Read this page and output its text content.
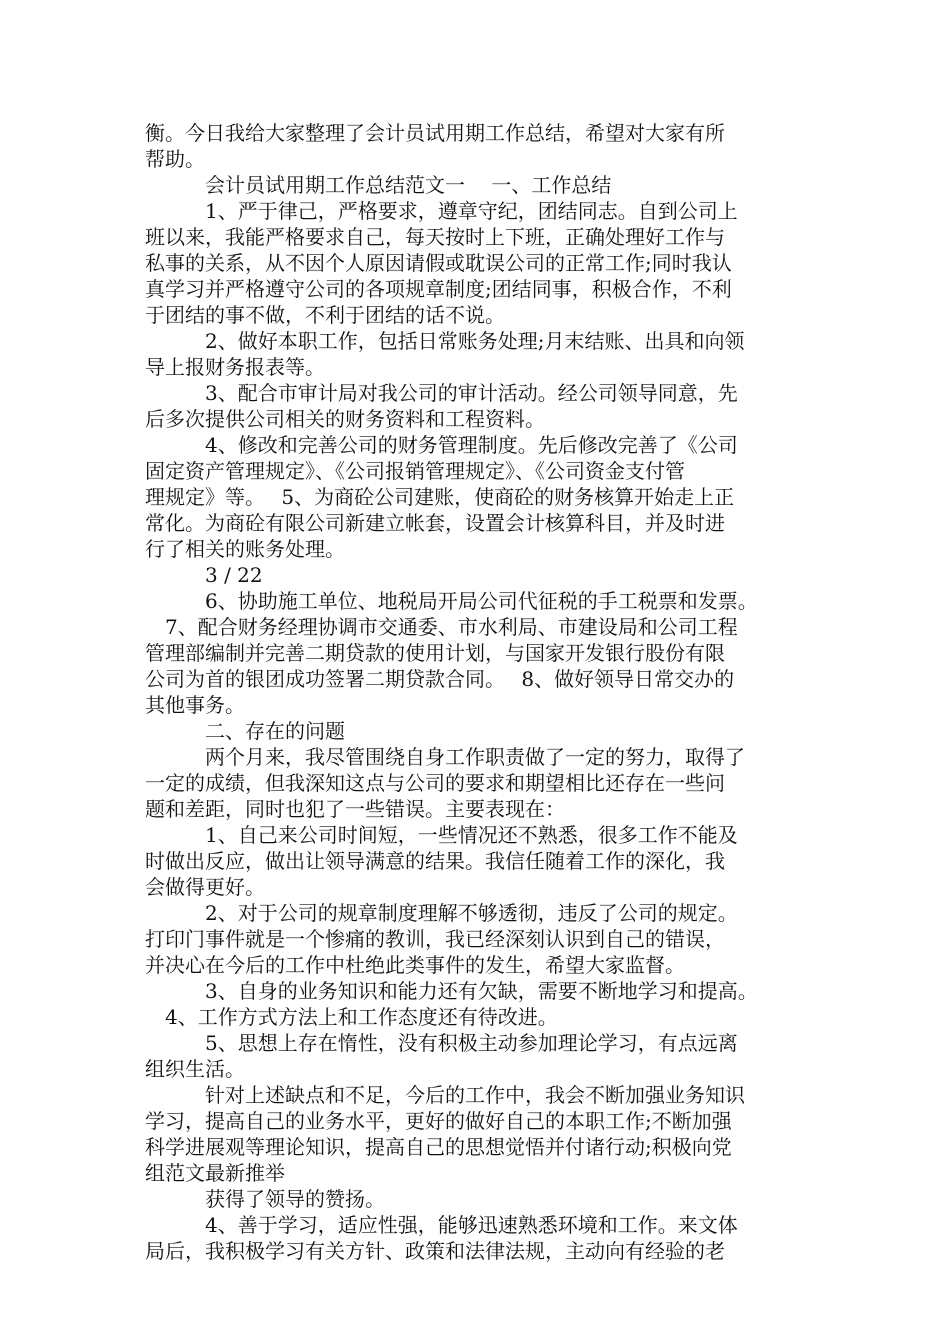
衡。今日我给大家整理了会计员试用期工作总结，希望对大家有所

帮助。

　　　会计员试用期工作总结范文一　 一、工作总结

　　　1、严于律己，严格要求，遵章守纪，团结同志。自到公司上

班以来，我能严格要求自己，每天按时上下班，正确处理好工作与

私事的关系，从不因个人原因请假或耽误公司的正常工作;同时我认

真学习并严格遵守公司的各项规章制度;团结同事，积极合作，不利

于团结的事不做，不利于团结的话不说。

　　　2、做好本职工作，包括日常账务处理;月末结账、出具和向领

导上报财务报表等。

　　　3、配合市审计局对我公司的审计活动。经公司领导同意，先

后多次提供公司相关的财务资料和工程资料。

　　　4、修改和完善公司的财务管理制度。先后修改完善了《公司

固定资产管理规定》、《公司报销管理规定》、《公司资金支付管

理规定》等。　 5、为商砼公司建账，使商砼的财务核算开始走上正

常化。为商砼有限公司新建立帐套，设置会计核算科目，并及时进

行了相关的账务处理。

　　　3 / 22

　　　6、协助施工单位、地税局开局公司代征税的手工税票和发票。

　7、配合财务经理协调市交通委、市水利局、市建设局和公司工程

管理部编制并完善二期贷款的使用计划，与国家开发银行股份有限

公司为首的银团成功签署二期贷款合同。　 8、做好领导日常交办的

其他事务。

　　　二、存在的问题

　　　两个月来，我尽管围绕自身工作职责做了一定的努力，取得了

一定的成绩，但我深知这点与公司的要求和期望相比还存在一些问

题和差距，同时也犯了一些错误。主要表现在：

　　　1、自己来公司时间短，一些情况还不熟悉，很多工作不能及

时做出反应，做出让领导满意的结果。我信任随着工作的深化，我

会做得更好。

　　　2、对于公司的规章制度理解不够透彻，违反了公司的规定。

打印门事件就是一个惨痛的教训，我已经深刻认识到自己的错误，

并决心在今后的工作中杜绝此类事件的发生，希望大家监督。

　　　3、自身的业务知识和能力还有欠缺，需要不断地学习和提高。

　4、工作方式方法上和工作态度还有待改进。

　　　5、思想上存在惰性，没有积极主动参加理论学习，有点远离

组织生活。

　　　针对上述缺点和不足，今后的工作中，我会不断加强业务知识

学习，提高自己的业务水平，更好的做好自己的本职工作;不断加强

科学进展观等理论知识，提高自己的思想觉悟并付诸行动;积极向党

组范文最新推举

　　　获得了领导的赞扬。

　　　4、善于学习，适应性强，能够迅速熟悉环境和工作。来文体

局后，我积极学习有关方针、政策和法律法规，主动向有经验的老
